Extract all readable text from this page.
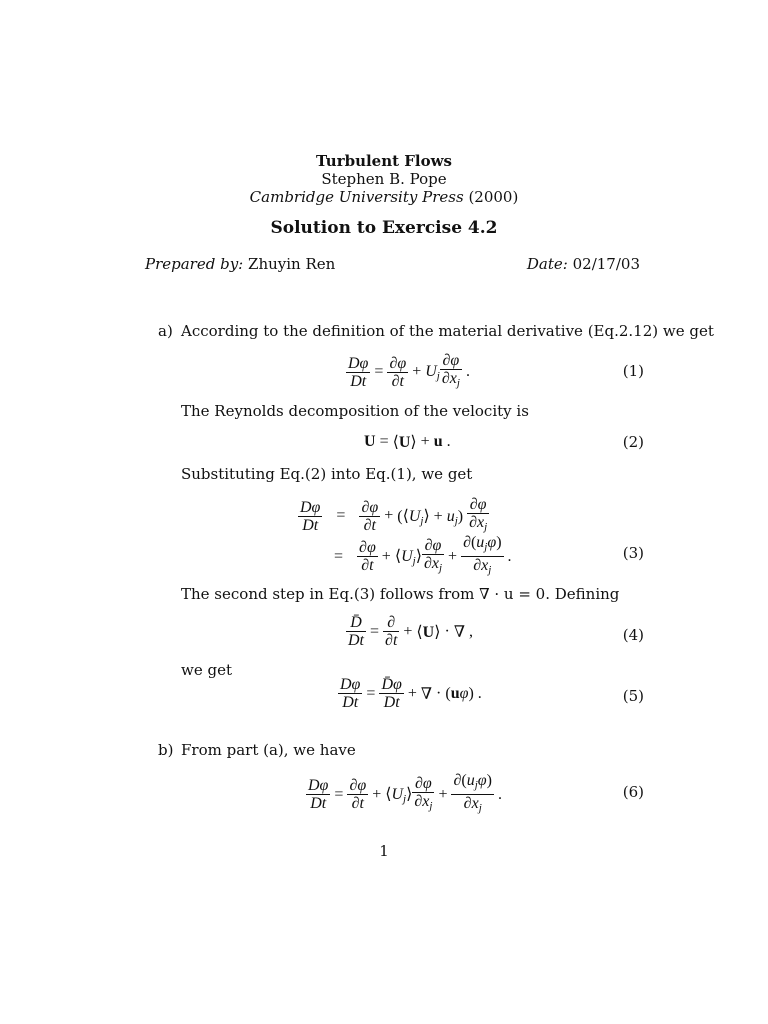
Turbulent Flows
Stephen B. Pope
Cambridge University Press (2000)
Solution to Exercise 4.2
Prepared by: Zhuyin Ren	Date: 02/17/03
a) According to the definition of the material derivative (Eq.2.12) we get
$\frac{D\varphi}{Dt} = \frac{\partial\varphi}{\partial t} + U_j \frac{\partial\varphi}{\partial x_j}$ .	(1)
The Reynolds decomposition of the velocity is
U = ⟨U⟩ + u .	(2)
Substituting Eq.(2) into Eq.(1), we get
$\frac{D\varphi}{Dt} = \frac{\partial\varphi}{\partial t}$ + $(⟨U_j⟩ + u_j) \frac{\partial\varphi}{\partial x_j}$
= $\frac{\partial\varphi}{\partial t}$ + $⟨U_j⟩ \frac{\partial\varphi}{\partial x_j} + \frac{\partial(u_j\varphi)}{\partial x_j}$ .	(3)
The second step in Eq.(3) follows from ∇ · u = 0. Defining
$\frac{D̄}{Dt} = \frac{\partial}{\partial t}$ + ⟨U⟩ · ∇ ,	(4)
we get
$\frac{D\varphi}{Dt} = \frac{D̄\varphi}{Dt}$ + ∇ · (uφ) .	(5)
b) From part (a), we have
$\frac{D\varphi}{Dt} = \frac{\partial\varphi}{\partial t}$ + $⟨U_j⟩ \frac{\partial\varphi}{\partial x_j} + \frac{\partial(u_j\varphi)}{\partial x_j}$ .	(6)
1
